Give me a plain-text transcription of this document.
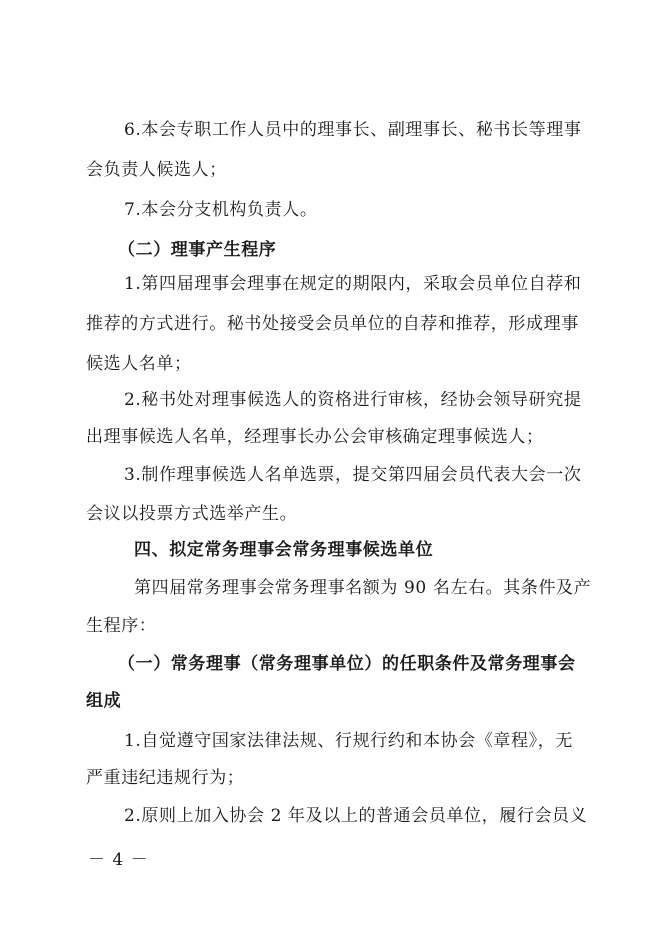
6.本会专职工作人员中的理事长、副理事长、秘书长等理事
会负责人候选人；
7.本会分支机构负责人。
（二）理事产生程序
1.第四届理事会理事在规定的期限内，采取会员单位自荐和
推荐的方式进行。秘书处接受会员单位的自荐和推荐，形成理事
候选人名单；
2.秘书处对理事候选人的资格进行审核，经协会领导研究提
出理事候选人名单，经理事长办公会审核确定理事候选人；
3.制作理事候选人名单选票，提交第四届会员代表大会一次
会议以投票方式选举产生。
四、拟定常务理事会常务理事候选单位
第四届常务理事会常务理事名额为 90 名左右。其条件及产
生程序：
（一）常务理事（常务理事单位）的任职条件及常务理事会
组成
1.自觉遵守国家法律法规、行规行约和本协会《章程》，无
严重违纪违规行为；
2.原则上加入协会 2 年及以上的普通会员单位，履行会员义
－ 4 －
